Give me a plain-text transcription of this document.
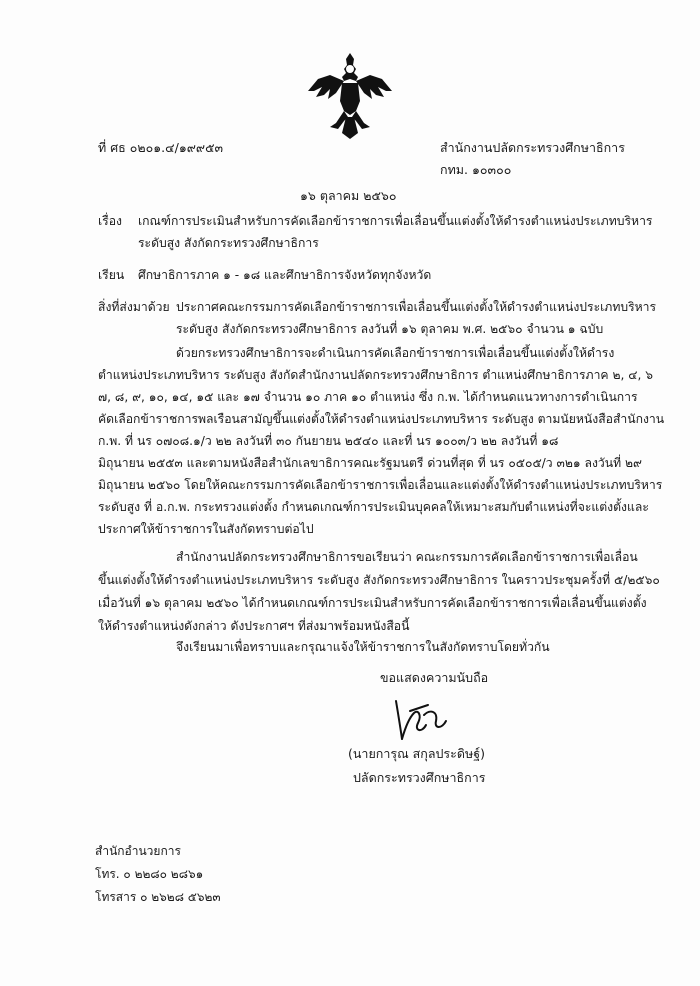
ที่ ศธ ๐๒๐๑.๔/๑๙๙๕๓	สำนักงานปลัดกระทรวงศึกษาธิการ
กทม. ๑๐๓๐๐
๑๖ ตุลาคม ๒๕๖๐
เรื่อง เกณฑ์การประเมินสำหรับการคัดเลือกข้าราชการเพื่อเลื่อนขึ้นแต่งตั้งให้ดำรงตำแหน่งประเภทบริหาร
ระดับสูง สังกัดกระทรวงศึกษาธิการ
เรียน ศึกษาธิการภาค ๑ - ๑๘ และศึกษาธิการจังหวัดทุกจังหวัด
สิ่งที่ส่งมาด้วย ประกาศคณะกรรมการคัดเลือกข้าราชการเพื่อเลื่อนขึ้นแต่งตั้งให้ดำรงตำแหน่งประเภทบริหาร
ระดับสูง สังกัดกระทรวงศึกษาธิการ ลงวันที่ ๑๖ ตุลาคม พ.ศ. ๒๕๖๐ จำนวน ๑ ฉบับ
ด้วยกระทรวงศึกษาธิการจะดำเนินการคัดเลือกข้าราชการเพื่อเลื่อนขึ้นแต่งตั้งให้ดำรง
ตำแหน่งประเภทบริหาร ระดับสูง สังกัดสำนักงานปลัดกระทรวงศึกษาธิการ ตำแหน่งศึกษาธิการภาค ๒, ๔, ๖
๗, ๘, ๙, ๑๐, ๑๔, ๑๕ และ ๑๗ จำนวน ๑๐ ภาค ๑๐ ตำแหน่ง ซึ่ง ก.พ. ได้กำหนดแนวทางการดำเนินการ
คัดเลือกข้าราชการพลเรือนสามัญขึ้นแต่งตั้งให้ดำรงตำแหน่งประเภทบริหาร ระดับสูง ตามนัยหนังสือสำนักงาน
ก.พ. ที่ นร ๐๗๐๘.๑/ว ๒๒ ลงวันที่ ๓๐ กันยายน ๒๕๔๐ และที่ นร ๑๐๐๓/ว ๒๒ ลงวันที่ ๑๘
มิถุนายน ๒๕๕๓ และตามหนังสือสำนักเลขาธิการคณะรัฐมนตรี ด่วนที่สุด ที่ นร ๐๕๐๕/ว ๓๒๑ ลงวันที่ ๒๙
มิถุนายน ๒๕๖๐ โดยให้คณะกรรมการคัดเลือกข้าราชการเพื่อเลื่อนและแต่งตั้งให้ดำรงตำแหน่งประเภทบริหาร
ระดับสูง ที่ อ.ก.พ. กระทรวงแต่งตั้ง กำหนดเกณฑ์การประเมินบุคคลให้เหมาะสมกับตำแหน่งที่จะแต่งตั้งและ
ประกาศให้ข้าราชการในสังกัดทราบต่อไป
สำนักงานปลัดกระทรวงศึกษาธิการขอเรียนว่า คณะกรรมการคัดเลือกข้าราชการเพื่อเลื่อน
ขึ้นแต่งตั้งให้ดำรงตำแหน่งประเภทบริหาร ระดับสูง สังกัดกระทรวงศึกษาธิการ ในคราวประชุมครั้งที่ ๕/๒๕๖๐
เมื่อวันที่ ๑๖ ตุลาคม ๒๕๖๐ ได้กำหนดเกณฑ์การประเมินสำหรับการคัดเลือกข้าราชการเพื่อเลื่อนขึ้นแต่งตั้ง
ให้ดำรงตำแหน่งดังกล่าว ดังประกาศฯ ที่ส่งมาพร้อมหนังสือนี้
ขอแสดงความนับถือ
(นายการุณ สกุลประดิษฐ์)
ปลัดกระทรวงศึกษาธิการ
สำนักอำนวยการ
โทร. ๐ ๒๒๘๐ ๒๘๖๑
โทรสาร ๐ ๒๖๒๘ ๕๖๒๓
จึงเรียนมาเพื่อทราบและกรุณาแจ้งให้ข้าราชการในสังกัดทราบโดยทั่วกัน
